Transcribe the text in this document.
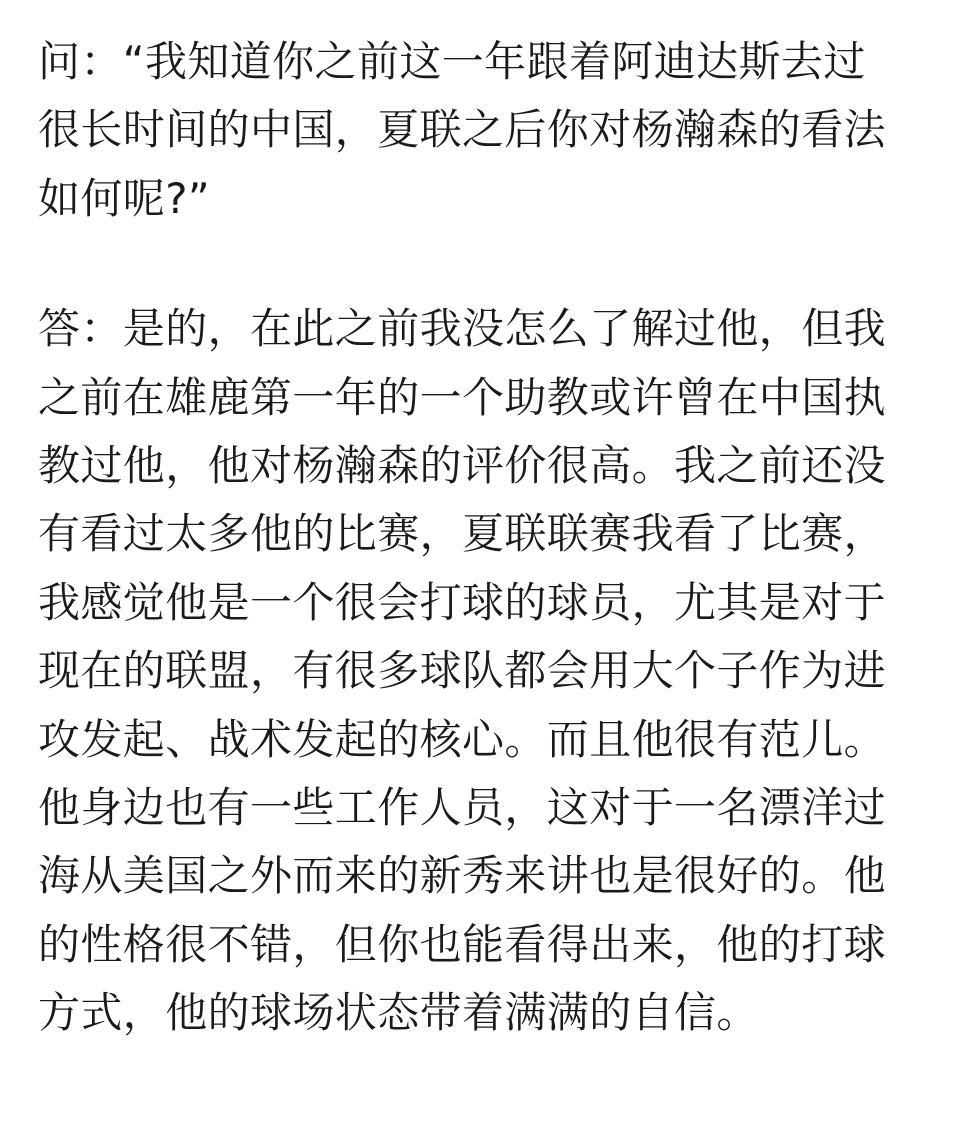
问：“我知道你之前这一年跟着阿迪达斯去过
很长时间的中国，夏联之后你对杨瀚森的看法
如何呢?”
答：是的，在此之前我没怎么了解过他，但我
之前在雄鹿第一年的一个助教或许曾在中国执
教过他，他对杨瀚森的评价很高。我之前还没
有看过太多他的比赛，夏联联赛我看了比赛，
我感觉他是一个很会打球的球员，尤其是对于
现在的联盟，有很多球队都会用大个子作为进
攻发起、战术发起的核心。而且他很有范儿。
他身边也有一些工作人员，这对于一名漂洋过
海从美国之外而来的新秀来讲也是很好的。他
的性格很不错，但你也能看得出来，他的打球
方式，他的球场状态带着满满的自信。
